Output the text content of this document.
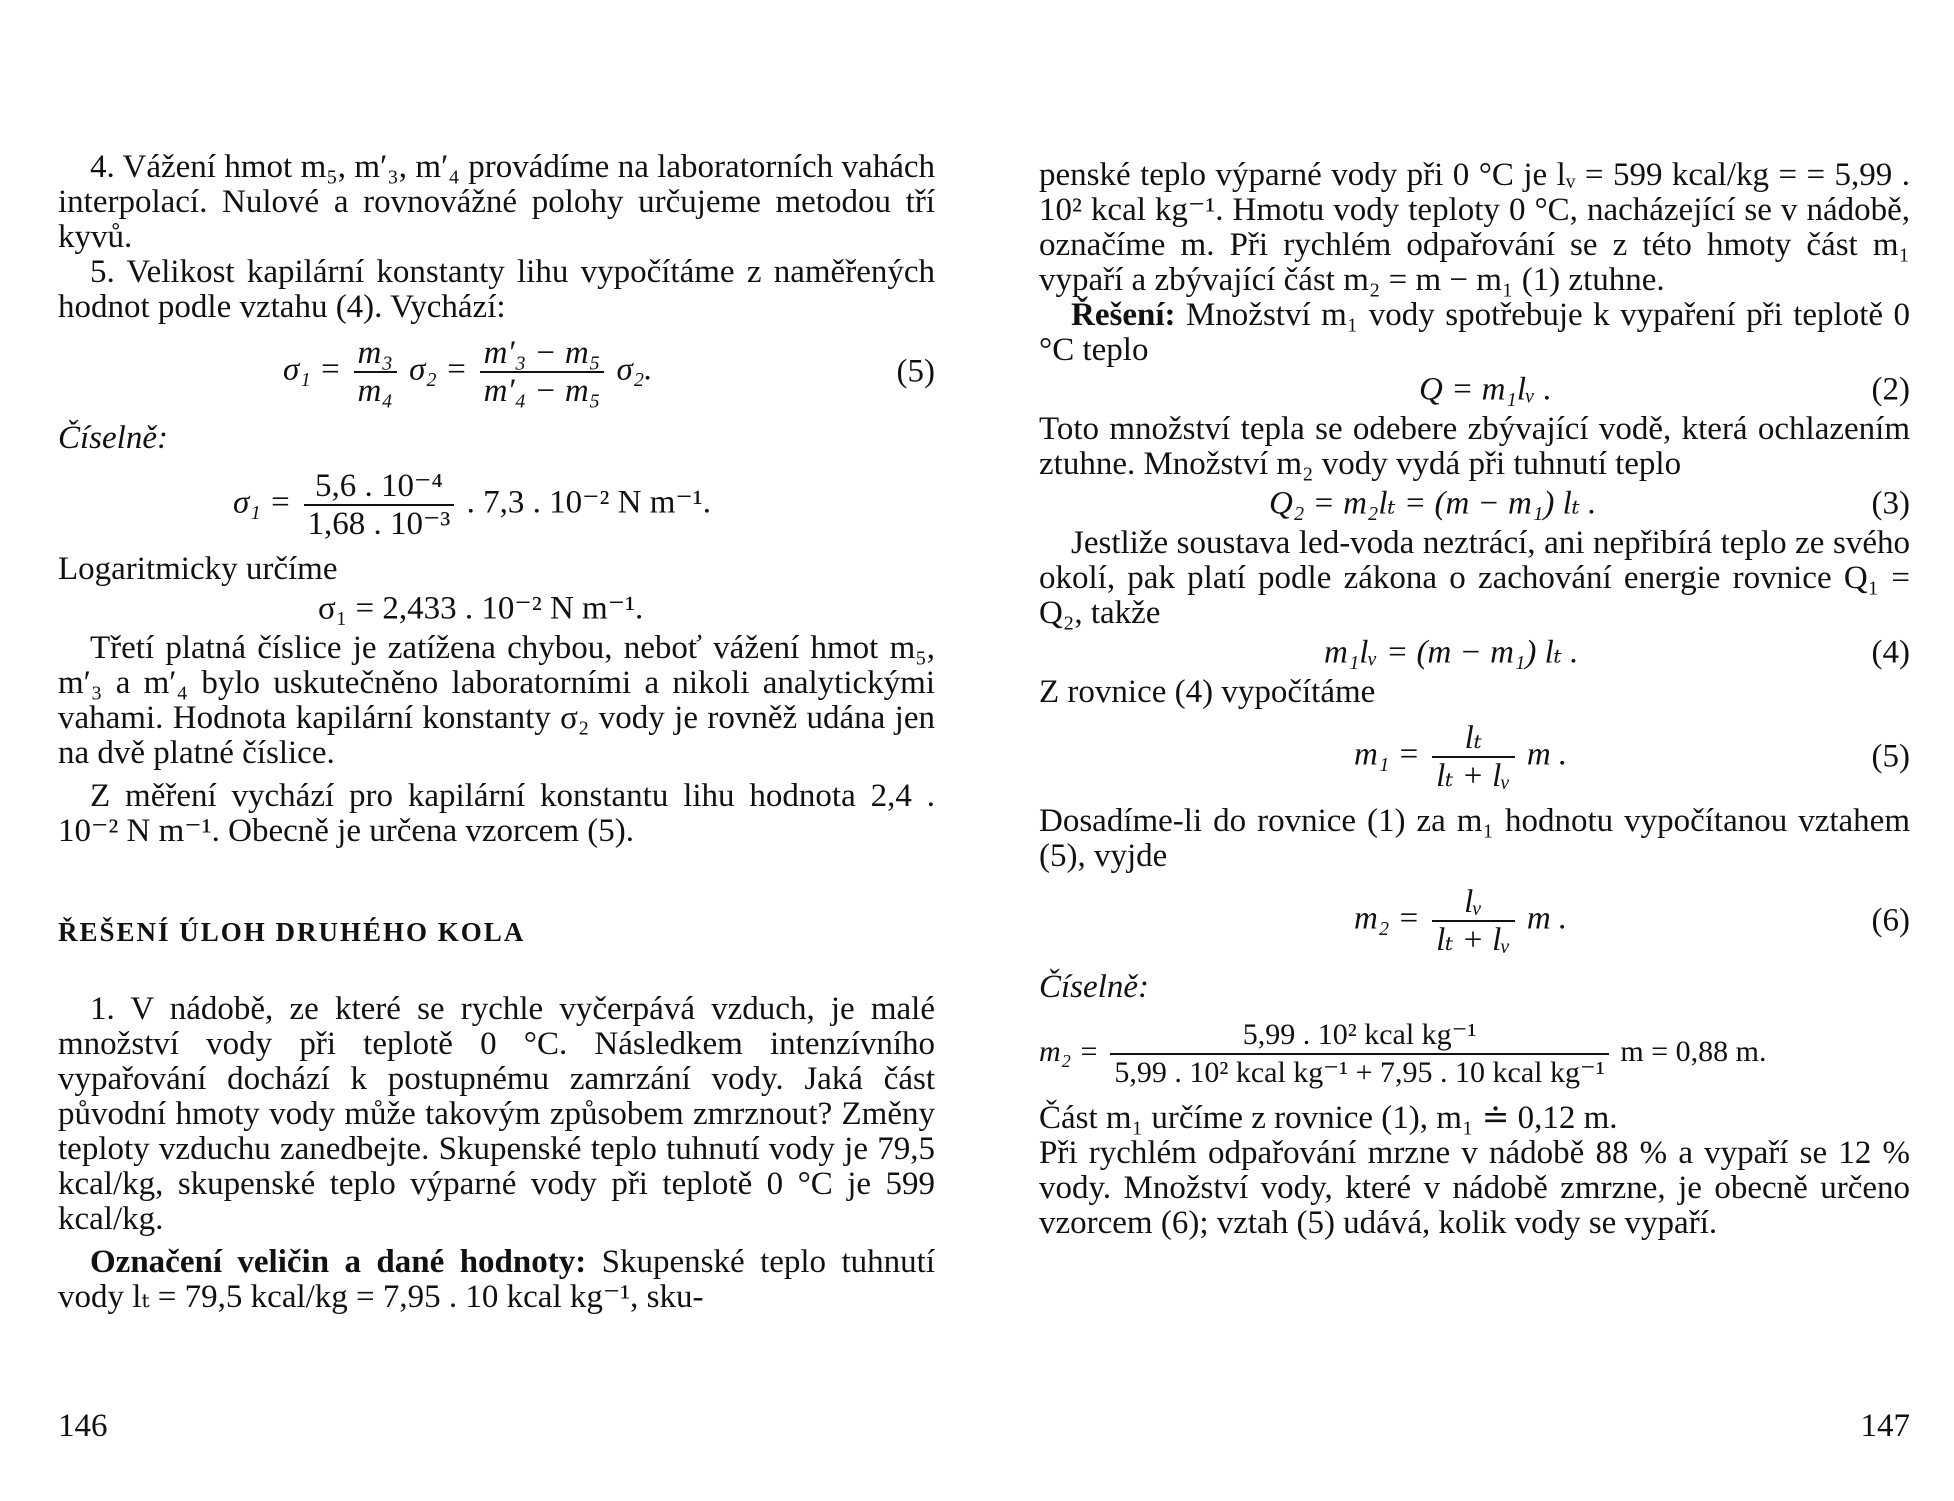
4. Vážení hmot m₅, m′₃, m′₄ provádíme na laboratorních vahách interpolací. Nulové a rovnovážné polohy určujeme metodou tří kyvů.

5. Velikost kapilární konstanty lihu vypočítáme z naměřených hodnot podle vztahu (4). Vychází:

$\sigma_1 = \frac{\text{m₃}}{\text{m₄}} \sigma_2 = \frac{\text{m′₃ − m₅}}{\text{m′₄ − m₅}} \sigma_2$.	(5)

Číselně:

$\sigma_1 = \frac{\text{5,6 . 10⁻⁴}}{\text{1,68 . 10⁻³}}$ . 7,3 . 10⁻² N m⁻¹.

Logaritmicky určíme

σ₁ = 2,433 . 10⁻² N m⁻¹.

Třetí platná číslice je zatížena chybou, neboť vážení hmot m₅, m′₃ a m′₄ bylo uskutečněno laboratorními a nikoli analytickými vahami. Hodnota kapilární konstanty σ₂ vody je rovněž udána jen na dvě platné číslice.

Z měření vychází pro kapilární konstantu lihu hodnota 2,4 . 10⁻² N m⁻¹. Obecně je určena vzorcem (5).

ŘEŠENÍ ÚLOH DRUHÉHO KOLA

1. V nádobě, ze které se rychle vyčerpává vzduch, je malé množství vody při teplotě 0 °C. Následkem intenzívního vypařování dochází k postupnému zamrzání vody. Jaká část původní hmoty vody může takovým způsobem zmrznout? Změny teploty vzduchu zanedbejte. Skupenské teplo tuhnutí vody je 79,5 kcal/kg, skupenské teplo výparné vody při teplotě 0 °C je 599 kcal/kg.

Označení veličin a dané hodnoty: Skupenské teplo tuhnutí vody lₜ = 79,5 kcal/kg = 7,95 . 10 kcal kg⁻¹, sku-

146

penské teplo výparné vody při 0 °C je lᵥ = 599 kcal/kg = = 5,99 . 10² kcal kg⁻¹. Hmotu vody teploty 0 °C, nacházející se v nádobě, označíme m. Při rychlém odpařování se z této hmoty část m₁ vypaří a zbývající část m₂ = m − m₁ (1) ztuhne.

Řešení: Množství m₁ vody spotřebuje k vypaření při teplotě 0 °C teplo

Q = m₁lᵥ .	(2)

Toto množství tepla se odebere zbývající vodě, která ochlazením ztuhne. Množství m₂ vody vydá při tuhnutí teplo

Q₂ = m₂lₜ = (m − m₁) lₜ .	(3)

Jestliže soustava led-voda neztrácí, ani nepřibírá teplo ze svého okolí, pak platí podle zákona o zachování energie rovnice Q₁ = Q₂, takže

m₁lᵥ = (m − m₁) lₜ .	(4)

Z rovnice (4) vypočítáme

$m_1 = \frac{\text{lₜ}}{\text{lₜ + lᵥ}}$ m .	(5)

Dosadíme-li do rovnice (1) za m₁ hodnotu vypočítanou vztahem (5), vyjde

$m_2 = \frac{\text{lᵥ}}{\text{lₜ + lᵥ}}$ m .	(6)

Číselně:

$m_2 = \frac{\text{5,99 . 10² kcal kg⁻¹}}{\text{5,99 . 10² kcal kg⁻¹ + 7,95 . 10 kcal kg⁻¹}}$ m = 0,88 m.

Část m₁ určíme z rovnice (1), m₁ ≐ 0,12 m.

Při rychlém odpařování mrzne v nádobě 88 % a vypaří se 12 % vody. Množství vody, které v nádobě zmrzne, je obecně určeno vzorcem (6); vztah (5) udává, kolik vody se vypaří.

147
